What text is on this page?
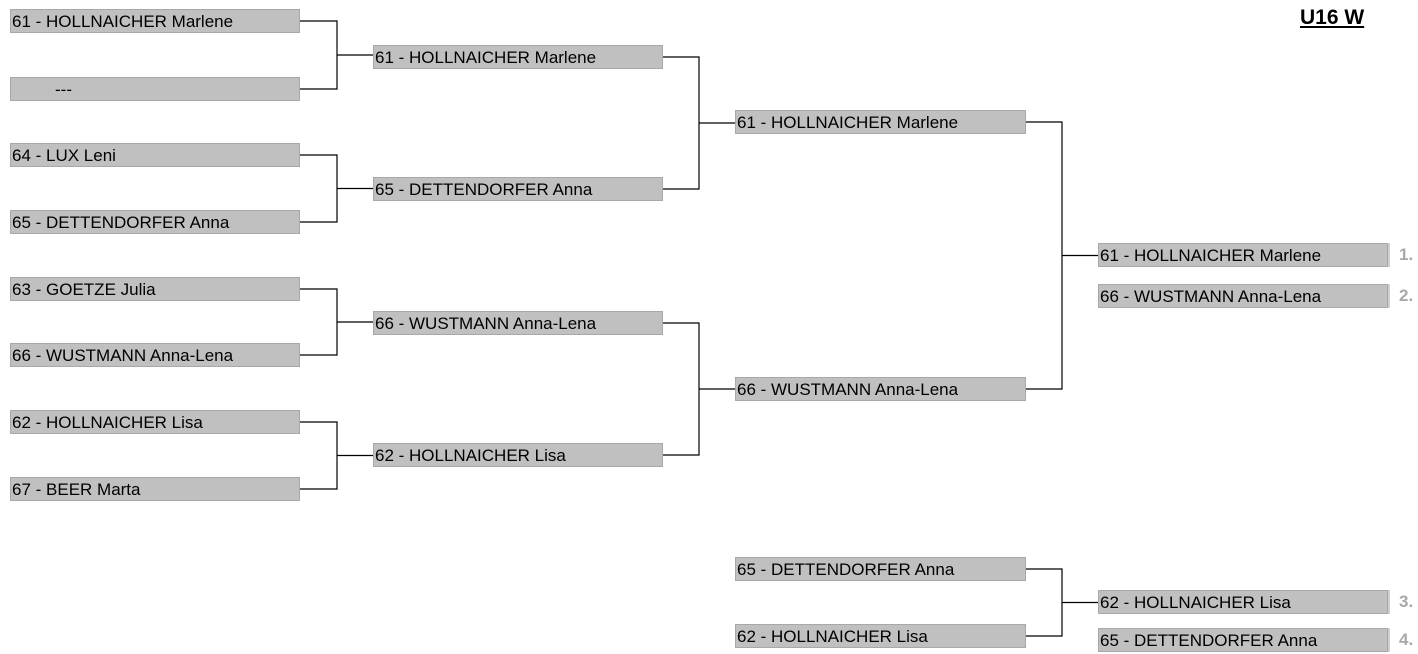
U16 W
61 - HOLLNAICHER Marlene
---
64 - LUX Leni
65 - DETTENDORFER Anna
63 - GOETZE Julia
66 - WUSTMANN Anna-Lena
62 - HOLLNAICHER Lisa
67 - BEER Marta
61 - HOLLNAICHER Marlene
65 - DETTENDORFER Anna
66 - WUSTMANN Anna-Lena
62 - HOLLNAICHER Lisa
61 - HOLLNAICHER Marlene
66 - WUSTMANN Anna-Lena
61 - HOLLNAICHER Marlene	1.
66 - WUSTMANN Anna-Lena	2.
65 - DETTENDORFER Anna
62 - HOLLNAICHER Lisa
62 - HOLLNAICHER Lisa	3.
65 - DETTENDORFER Anna	4.
